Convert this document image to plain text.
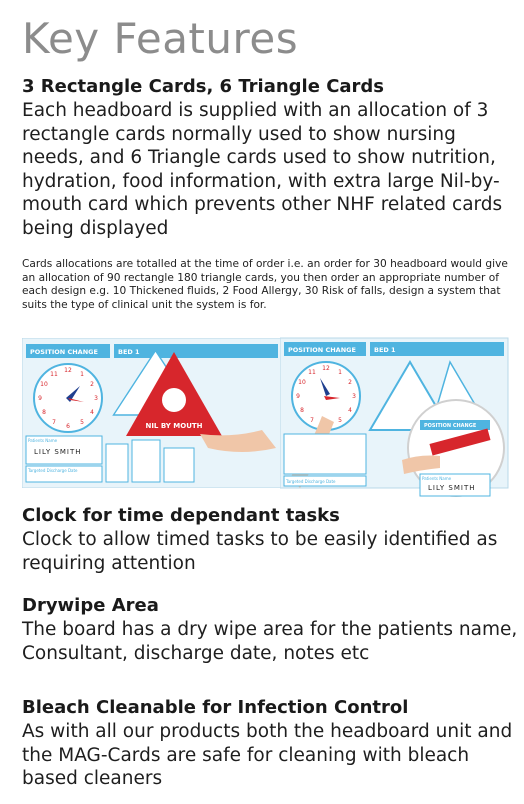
Key Features
3 Rectangle Cards, 6 Triangle Cards

Each headboard is supplied with an allocation of 3 rectangle cards normally used to show nursing needs, and 6 Triangle cards used to show nutrition, hydration, food information, with extra large Nil-by-mouth card which prevents other NHF related cards being displayed

Cards allocations are totalled at the time of order i.e. an order for 30 headboard would give an allocation of 90 rectangle 180 triangle cards, you then order an appropriate number of each design e.g. 10 Thickened fluids, 2 Food Allergy, 30 Risk of falls, design a system that suits the type of clinical unit the system is for.

POSITION CHANGE	BED 1
12
1
2
3
4
5
6
7
8
9
10
11
NIL BY MOUTH
Patients Name
LILY SMITH
Targeted Discharge Date
POSITION CHANGE	BED 1
12
1
2
3
4
5
7
8
9
10
11
Targeted Discharge Date
POSITION CHANGE
Patients Name
LILY SMITH
Clock for time dependant tasks

Clock to allow timed tasks to be easily identified as requiring attention

Drywipe Area

The board has a dry wipe area for the patients name, Consultant, discharge date, notes etc

Bleach Cleanable for Infection Control

As with all our products both the headboard unit and the MAG-Cards are safe for cleaning with bleach based cleaners
